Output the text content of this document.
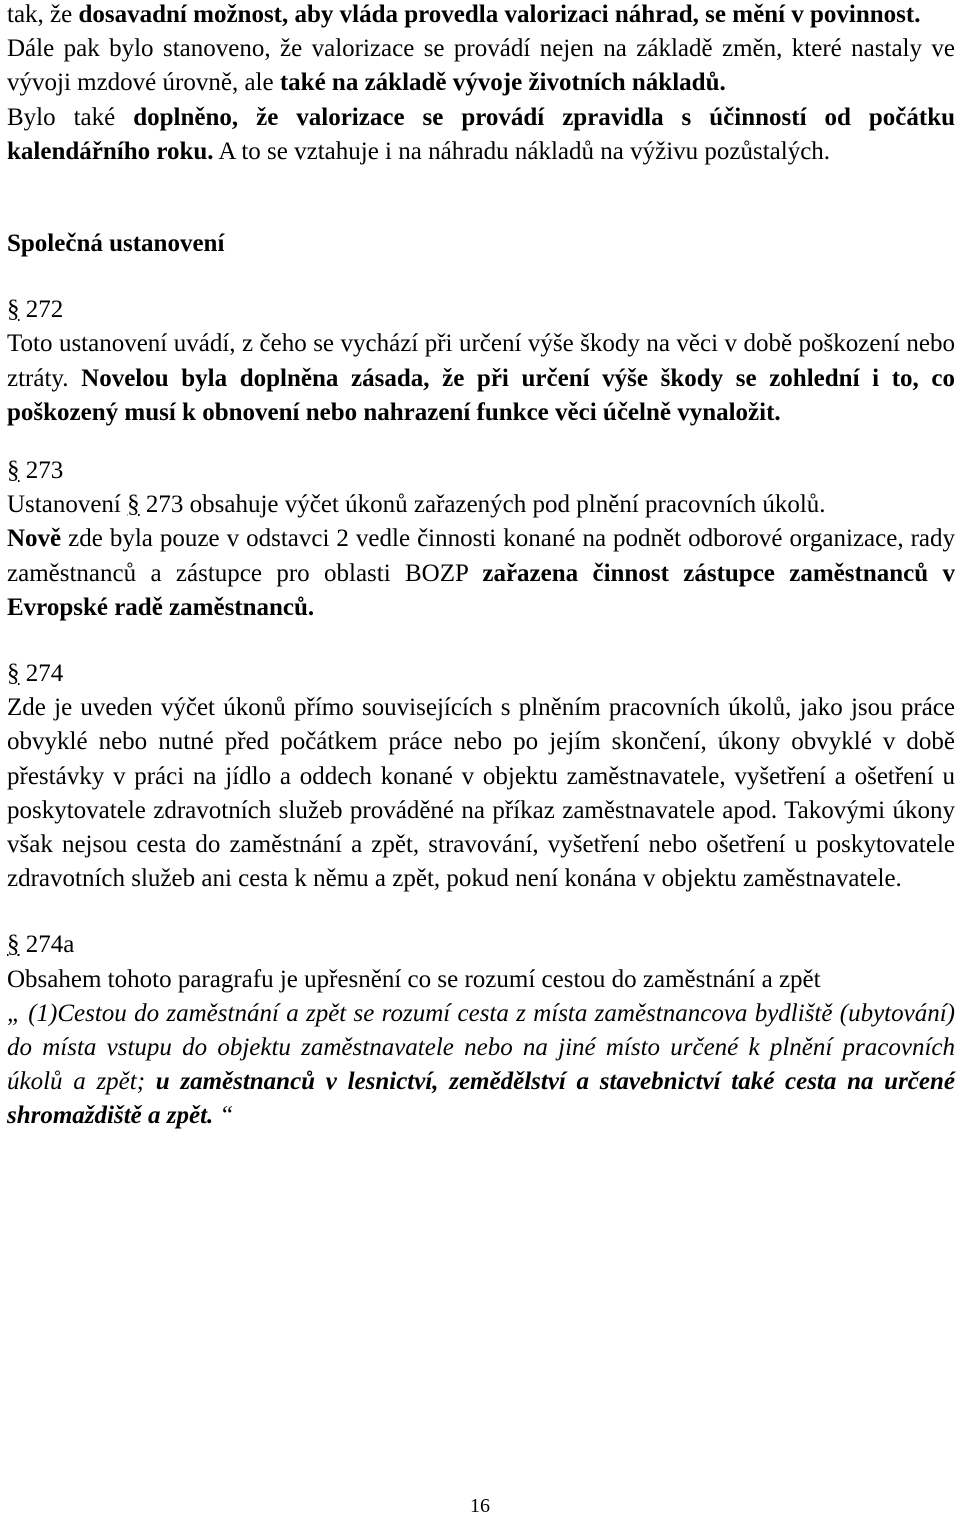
tak, že dosavadní možnost, aby vláda provedla valorizaci náhrad, se mění v povinnost.

Dále pak bylo stanoveno, že valorizace se provádí nejen na základě změn, které nastaly ve vývoji mzdové úrovně, ale také na základě vývoje životních nákladů.

Bylo také doplněno, že valorizace se provádí zpravidla s účinností od počátku kalendářního roku. A to se vztahuje i na náhradu nákladů na výživu pozůstalých.

Společná ustanovení

§ 272

Toto ustanovení uvádí, z čeho se vychází při určení výše škody na věci v době poškození nebo ztráty. Novelou byla doplněna zásada, že při určení výše škody se zohlední i to, co poškozený musí k obnovení nebo nahrazení funkce věci účelně vynaložit.

§ 273

Ustanovení § 273 obsahuje výčet úkonů zařazených pod plnění pracovních úkolů.

Nově zde byla pouze v odstavci 2 vedle činnosti konané na podnět odborové organizace, rady zaměstnanců a zástupce pro oblasti BOZP zařazena činnost zástupce zaměstnanců v Evropské radě zaměstnanců.

§ 274

Zde je uveden výčet úkonů přímo souvisejících s plněním pracovních úkolů, jako jsou práce obvyklé nebo nutné před počátkem práce nebo po jejím skončení, úkony obvyklé v době přestávky v práci na jídlo a oddech konané v objektu zaměstnavatele, vyšetření a ošetření u poskytovatele zdravotních služeb prováděné na příkaz zaměstnavatele apod. Takovými úkony však nejsou cesta do zaměstnání a zpět, stravování, vyšetření nebo ošetření u poskytovatele zdravotních služeb ani cesta k němu a zpět, pokud není konána v objektu zaměstnavatele.

§ 274a

Obsahem tohoto paragrafu je upřesnění co se rozumí cestou do zaměstnání a zpět

„ (1)Cestou do zaměstnání a zpět se rozumí cesta z místa zaměstnancova bydliště (ubytování) do místa vstupu do objektu zaměstnavatele nebo na jiné místo určené k plnění pracovních úkolů a zpět; u zaměstnanců v lesnictví, zemědělství a stavebnictví také cesta na určené shromaždiště a zpět. “

16
